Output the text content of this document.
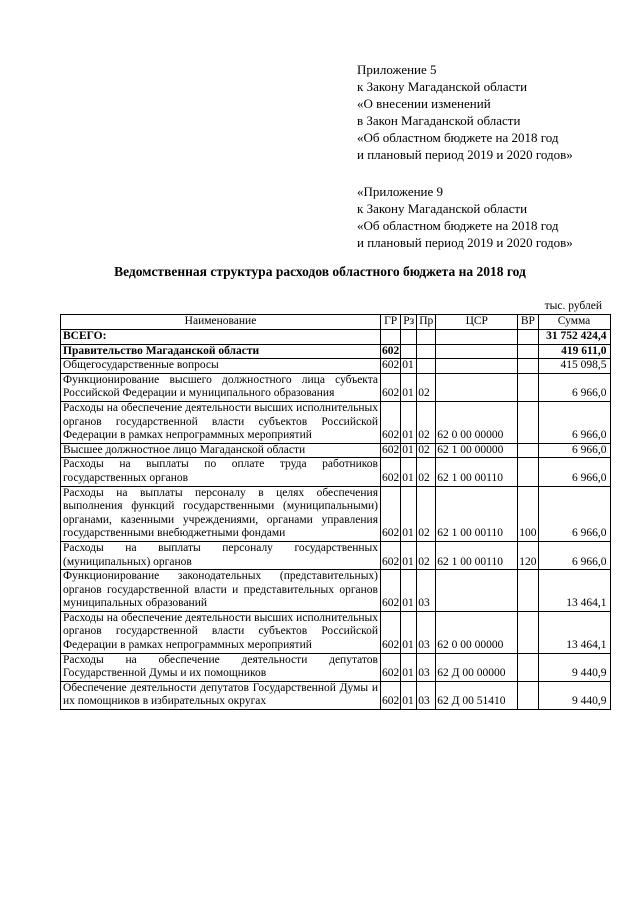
Приложение 5
к Закону Магаданской области
«О внесении изменений
в Закон Магаданской области
«Об областном бюджете на 2018 год
и плановый период 2019 и 2020 годов»
«Приложение 9
к Закону Магаданской области
«Об областном бюджете на 2018 год
и плановый период 2019 и 2020 годов»
Ведомственная структура расходов областного бюджета на 2018 год
тыс. рублей
Наименование	ГР	Рз	Пр	ЦСР	ВР	Сумма
ВСЕГО:						31 752 424,4
Правительство Магаданской области	602					419 611,0
Общегосударственные вопросы	602	01				415 098,5
Функционирование высшего должностного лица субъекта Российской Федерации и муниципального образования	602	01	02			6 966,0
Расходы на обеспечение деятельности высших исполнительных органов государственной власти субъектов Российской Федерации в рамках непрограммных мероприятий	602	01	02	62 0 00 00000		6 966,0
Высшее должностное лицо Магаданской области	602	01	02	62 1 00 00000		6 966,0
Расходы на выплаты по оплате труда работников государственных органов	602	01	02	62 1 00 00110		6 966,0
Расходы на выплаты персоналу в целях обеспечения выполнения функций государственными (муниципальными) органами, казенными учреждениями, органами управления государственными внебюджетными фондами	602	01	02	62 1 00 00110	100	6 966,0
Расходы на выплаты персоналу государственных (муниципальных) органов	602	01	02	62 1 00 00110	120	6 966,0
Функционирование законодательных (представительных) органов государственной власти и представительных органов муниципальных образований	602	01	03			13 464,1
Расходы на обеспечение деятельности высших исполнительных органов государственной власти субъектов Российской Федерации в рамках непрограммных мероприятий	602	01	03	62 0 00 00000		13 464,1
Расходы на обеспечение деятельности депутатов Государственной Думы и их помощников	602	01	03	62 Д 00 00000		9 440,9
Обеспечение деятельности депутатов Государственной Думы и их помощников в избирательных округах	602	01	03	62 Д 00 51410		9 440,9
